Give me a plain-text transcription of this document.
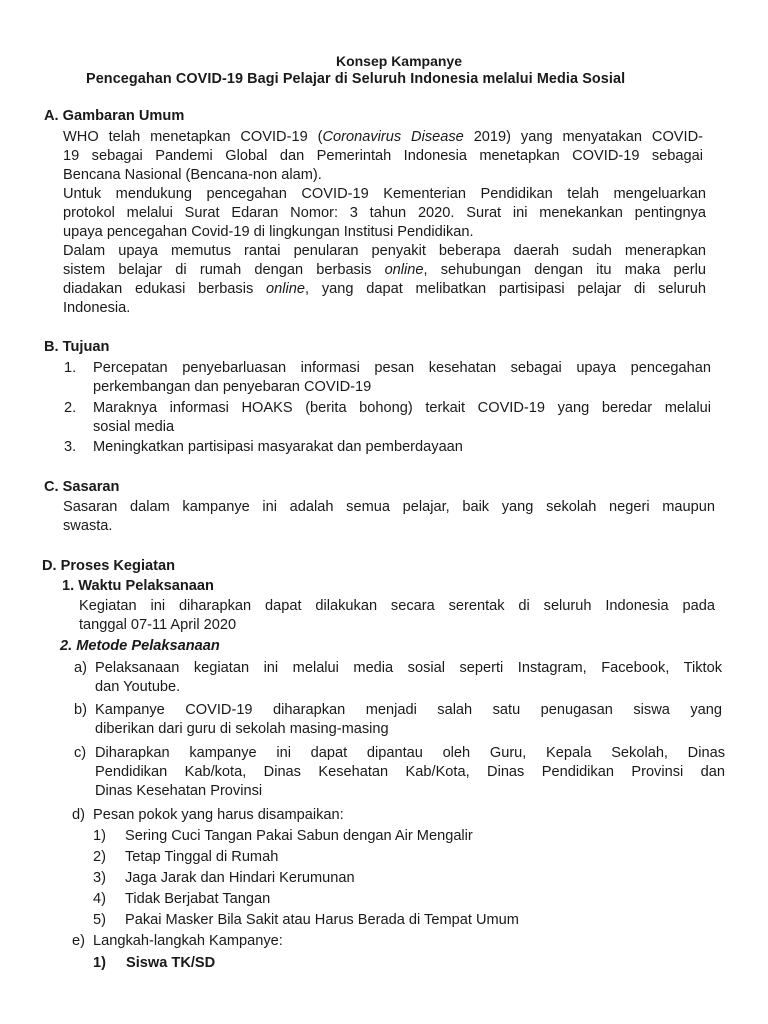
Konsep Kampanye
Pencegahan COVID-19 Bagi Pelajar di Seluruh Indonesia melalui Media Sosial
A. Gambaran Umum
WHO telah menetapkan COVID-19 (Coronavirus Disease 2019) yang menyatakan COVID-
19 sebagai Pandemi Global dan Pemerintah Indonesia menetapkan COVID-19 sebagai
Bencana Nasional (Bencana-non alam).
Untuk mendukung pencegahan COVID-19 Kementerian Pendidikan telah mengeluarkan
protokol melalui Surat Edaran Nomor: 3 tahun 2020. Surat ini menekankan pentingnya
upaya pencegahan Covid-19 di lingkungan Institusi Pendidikan.
Dalam upaya memutus rantai penularan penyakit beberapa daerah sudah menerapkan
sistem belajar di rumah dengan berbasis online, sehubungan dengan itu maka perlu
diadakan edukasi berbasis online, yang dapat melibatkan partisipasi pelajar di seluruh
Indonesia.
B. Tujuan
1. Percepatan penyebarluasan informasi pesan kesehatan sebagai upaya pencegahan
perkembangan dan penyebaran COVID-19
2. Maraknya informasi HOAKS (berita bohong) terkait COVID-19 yang beredar melalui
sosial media
3. Meningkatkan partisipasi masyarakat dan pemberdayaan
C. Sasaran
Sasaran dalam kampanye ini adalah semua pelajar, baik yang sekolah negeri maupun
swasta.
D. Proses Kegiatan
1. Waktu Pelaksanaan
Kegiatan ini diharapkan dapat dilakukan secara serentak di seluruh Indonesia pada
tanggal 07-11 April 2020
2. Metode Pelaksanaan
a) Pelaksanaan kegiatan ini melalui media sosial seperti Instagram, Facebook, Tiktok
dan Youtube.
b) Kampanye COVID-19 diharapkan menjadi salah satu penugasan siswa yang
diberikan dari guru di sekolah masing-masing
c) Diharapkan kampanye ini dapat dipantau oleh Guru, Kepala Sekolah, Dinas
Pendidikan Kab/kota, Dinas Kesehatan Kab/Kota, Dinas Pendidikan Provinsi dan
Dinas Kesehatan Provinsi
d) Pesan pokok yang harus disampaikan:
1) Sering Cuci Tangan Pakai Sabun dengan Air Mengalir
2) Tetap Tinggal di Rumah
3) Jaga Jarak dan Hindari Kerumunan
4) Tidak Berjabat Tangan
5) Pakai Masker Bila Sakit atau Harus Berada di Tempat Umum
e) Langkah-langkah Kampanye:
1) Siswa TK/SD
